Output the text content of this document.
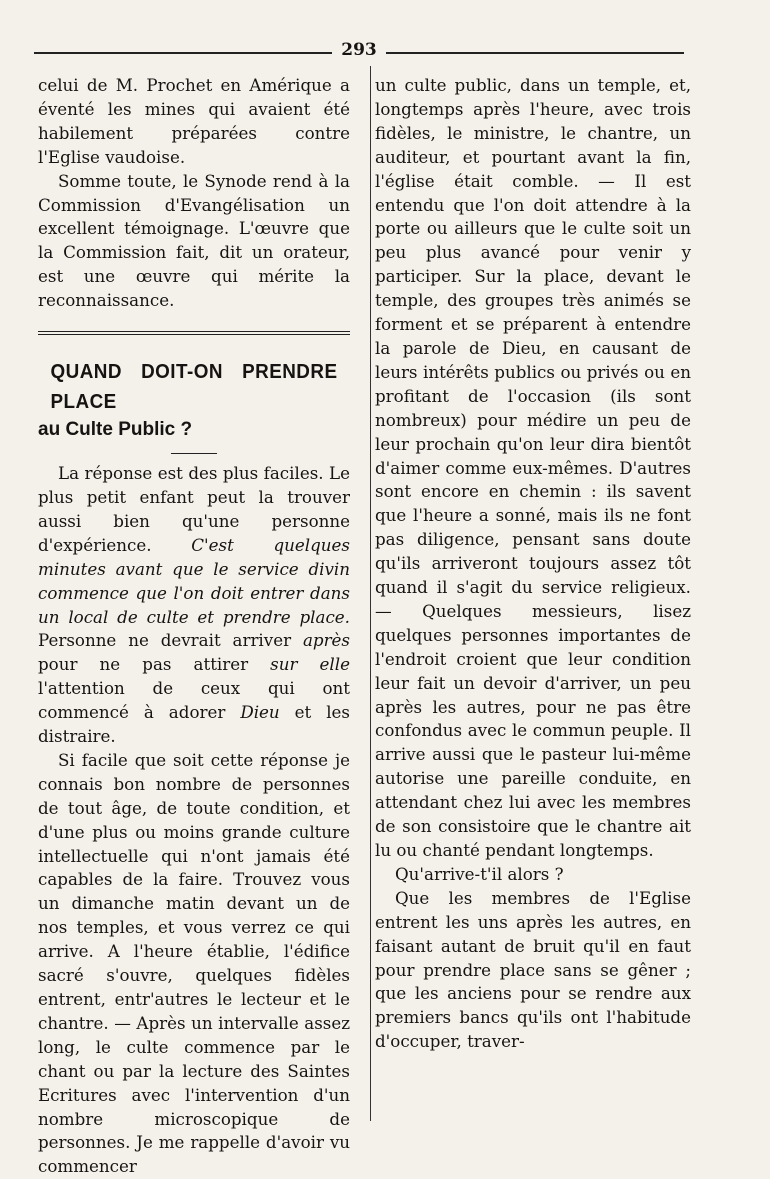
293

celui de M. Prochet en Amérique a éventé les mines qui avaient été habilement préparées contre l'Eglise vaudoise.

Somme toute, le Synode rend à la Commission d'Evangélisation un excellent témoignage. L'œuvre que la Commission fait, dit un orateur, est une œuvre qui mérite la reconnaissance.

QUAND DOIT-ON PRENDRE PLACE

au Culte Public ?

La réponse est des plus faciles. Le plus petit enfant peut la trouver aussi bien qu'une personne d'expérience. C'est quelques minutes avant que le service divin commence que l'on doit entrer dans un local de culte et prendre place. Personne ne devrait arriver après pour ne pas attirer sur elle l'attention de ceux qui ont commencé à adorer Dieu et les distraire.

Si facile que soit cette réponse je connais bon nombre de personnes de tout âge, de toute condition, et d'une plus ou moins grande culture intellectuelle qui n'ont jamais été capables de la faire. Trouvez vous un dimanche matin devant un de nos temples, et vous verrez ce qui arrive. A l'heure établie, l'édifice sacré s'ouvre, quelques fidèles entrent, entr'autres le lecteur et le chantre. — Après un intervalle assez long, le culte commence par le chant ou par la lecture des Saintes Ecritures avec l'intervention d'un nombre microscopique de personnes. Je me rappelle d'avoir vu commencer

un culte public, dans un temple, et, longtemps après l'heure, avec trois fidèles, le ministre, le chantre, un auditeur, et pourtant avant la fin, l'église était comble. — Il est entendu que l'on doit attendre à la porte ou ailleurs que le culte soit un peu plus avancé pour venir y participer. Sur la place, devant le temple, des groupes très animés se forment et se préparent à entendre la parole de Dieu, en causant de leurs intérêts publics ou privés ou en profitant de l'occasion (ils sont nombreux) pour médire un peu de leur prochain qu'on leur dira bientôt d'aimer comme eux-mêmes. D'autres sont encore en chemin : ils savent que l'heure a sonné, mais ils ne font pas diligence, pensant sans doute qu'ils arriveront toujours assez tôt quand il s'agit du service religieux. — Quelques messieurs, lisez quelques personnes importantes de l'endroit croient que leur condition leur fait un devoir d'arriver, un peu après les autres, pour ne pas être confondus avec le commun peuple. Il arrive aussi que le pasteur lui-même autorise une pareille conduite, en attendant chez lui avec les membres de son consistoire que le chantre ait lu ou chanté pendant longtemps.

Qu'arrive-t'il alors ?

Que les membres de l'Eglise entrent les uns après les autres, en faisant autant de bruit qu'il en faut pour prendre place sans se gêner ; que les anciens pour se rendre aux premiers bancs qu'ils ont l'habitude d'occuper, traver-
